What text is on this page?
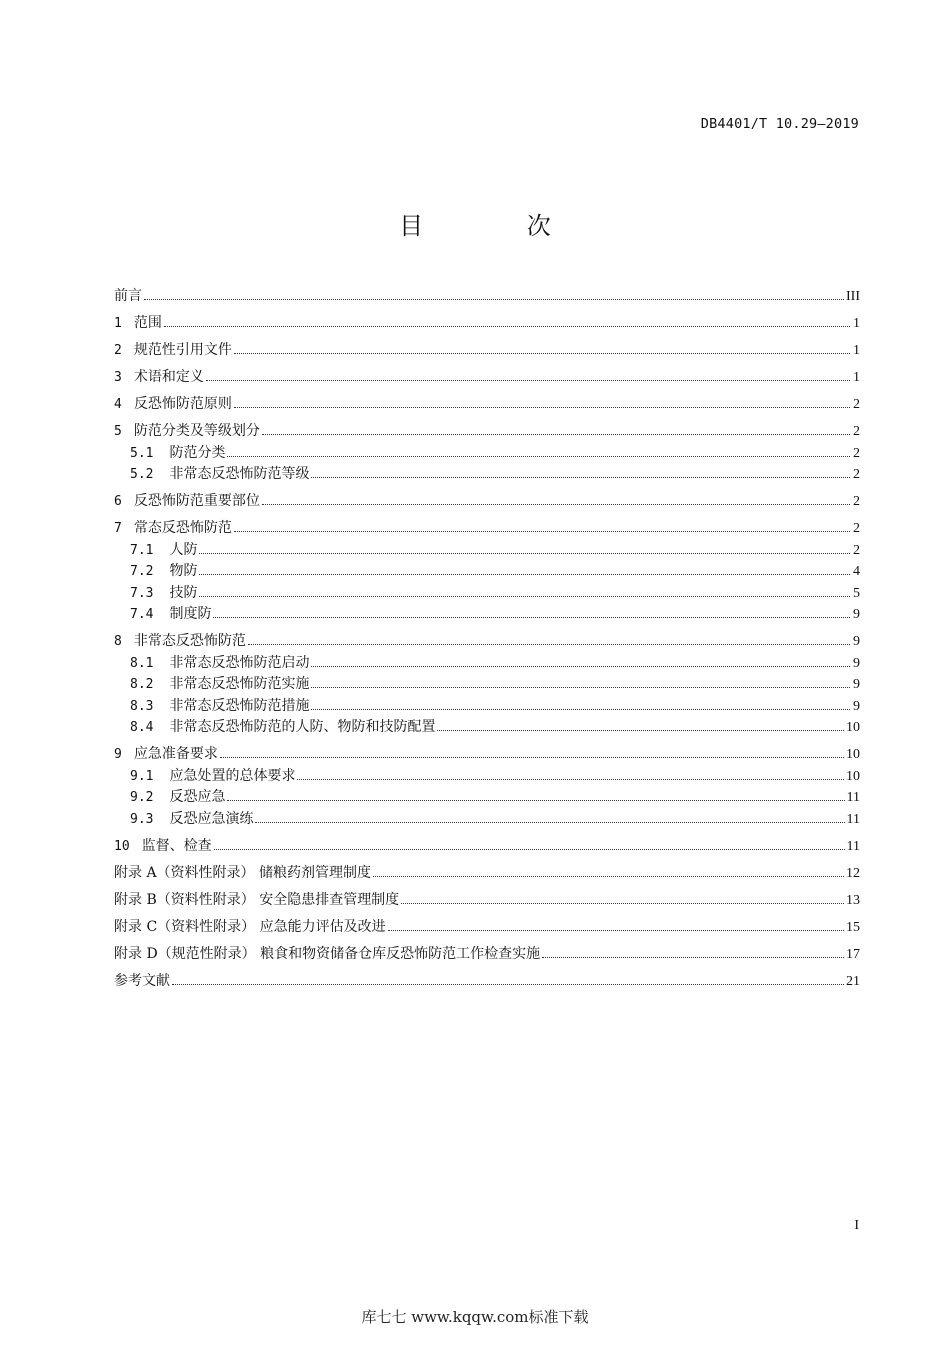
DB4401/T 10.29—2019
目 次
前言	III
1 范围	1
2 规范性引用文件	1
3 术语和定义	1
4 反恐怖防范原则	2
5 防范分类及等级划分	2
5.1	防范分类	2
5.2	非常态反恐怖防范等级	2
6 反恐怖防范重要部位	2
7 常态反恐怖防范	2
7.1	人防	2
7.2	物防	4
7.3	技防	5
7.4	制度防	9
8 非常态反恐怖防范	9
8.1	非常态反恐怖防范启动	9
8.2	非常态反恐怖防范实施	9
8.3	非常态反恐怖防范措施	9
8.4	非常态反恐怖防范的人防、物防和技防配置	10
9 应急准备要求	10
9.1	应急处置的总体要求	10
9.2	反恐应急	11
9.3	反恐应急演练	11
10 监督、检查	11
附录 A（资料性附录） 储粮药剂管理制度	12
附录 B（资料性附录） 安全隐患排查管理制度	13
附录 C（资料性附录） 应急能力评估及改进	15
附录 D（规范性附录） 粮食和物资储备仓库反恐怖防范工作检查实施	17
参考文献	21
I
库七七 www.kqqw.com标准下载
